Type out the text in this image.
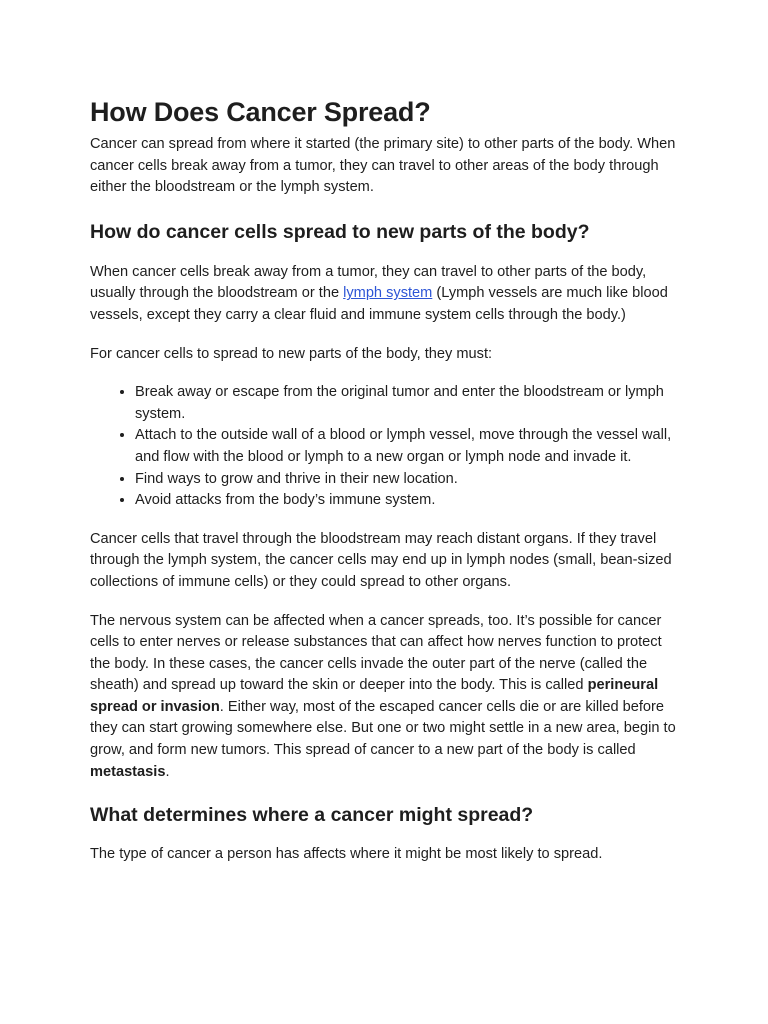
How Does Cancer Spread?

Cancer can spread from where it started (the primary site) to other parts of the body. When cancer cells break away from a tumor, they can travel to other areas of the body through either the bloodstream or the lymph system.

How do cancer cells spread to new parts of the body?

When cancer cells break away from a tumor, they can travel to other parts of the body, usually through the bloodstream or the lymph system (Lymph vessels are much like blood vessels, except they carry a clear fluid and immune system cells through the body.)

For cancer cells to spread to new parts of the body, they must:

• Break away or escape from the original tumor and enter the bloodstream or lymph system.
• Attach to the outside wall of a blood or lymph vessel, move through the vessel wall, and flow with the blood or lymph to a new organ or lymph node and invade it.
• Find ways to grow and thrive in their new location.
• Avoid attacks from the body’s immune system.

Cancer cells that travel through the bloodstream may reach distant organs. If they travel through the lymph system, the cancer cells may end up in lymph nodes (small, bean-sized collections of immune cells) or they could spread to other organs.

The nervous system can be affected when a cancer spreads, too. It’s possible for cancer cells to enter nerves or release substances that can affect how nerves function to protect the body. In these cases, the cancer cells invade the outer part of the nerve (called the sheath) and spread up toward the skin or deeper into the body. This is called perineural spread or invasion. Either way, most of the escaped cancer cells die or are killed before they can start growing somewhere else. But one or two might settle in a new area, begin to grow, and form new tumors. This spread of cancer to a new part of the body is called metastasis.

What determines where a cancer might spread?

The type of cancer a person has affects where it might be most likely to spread.
